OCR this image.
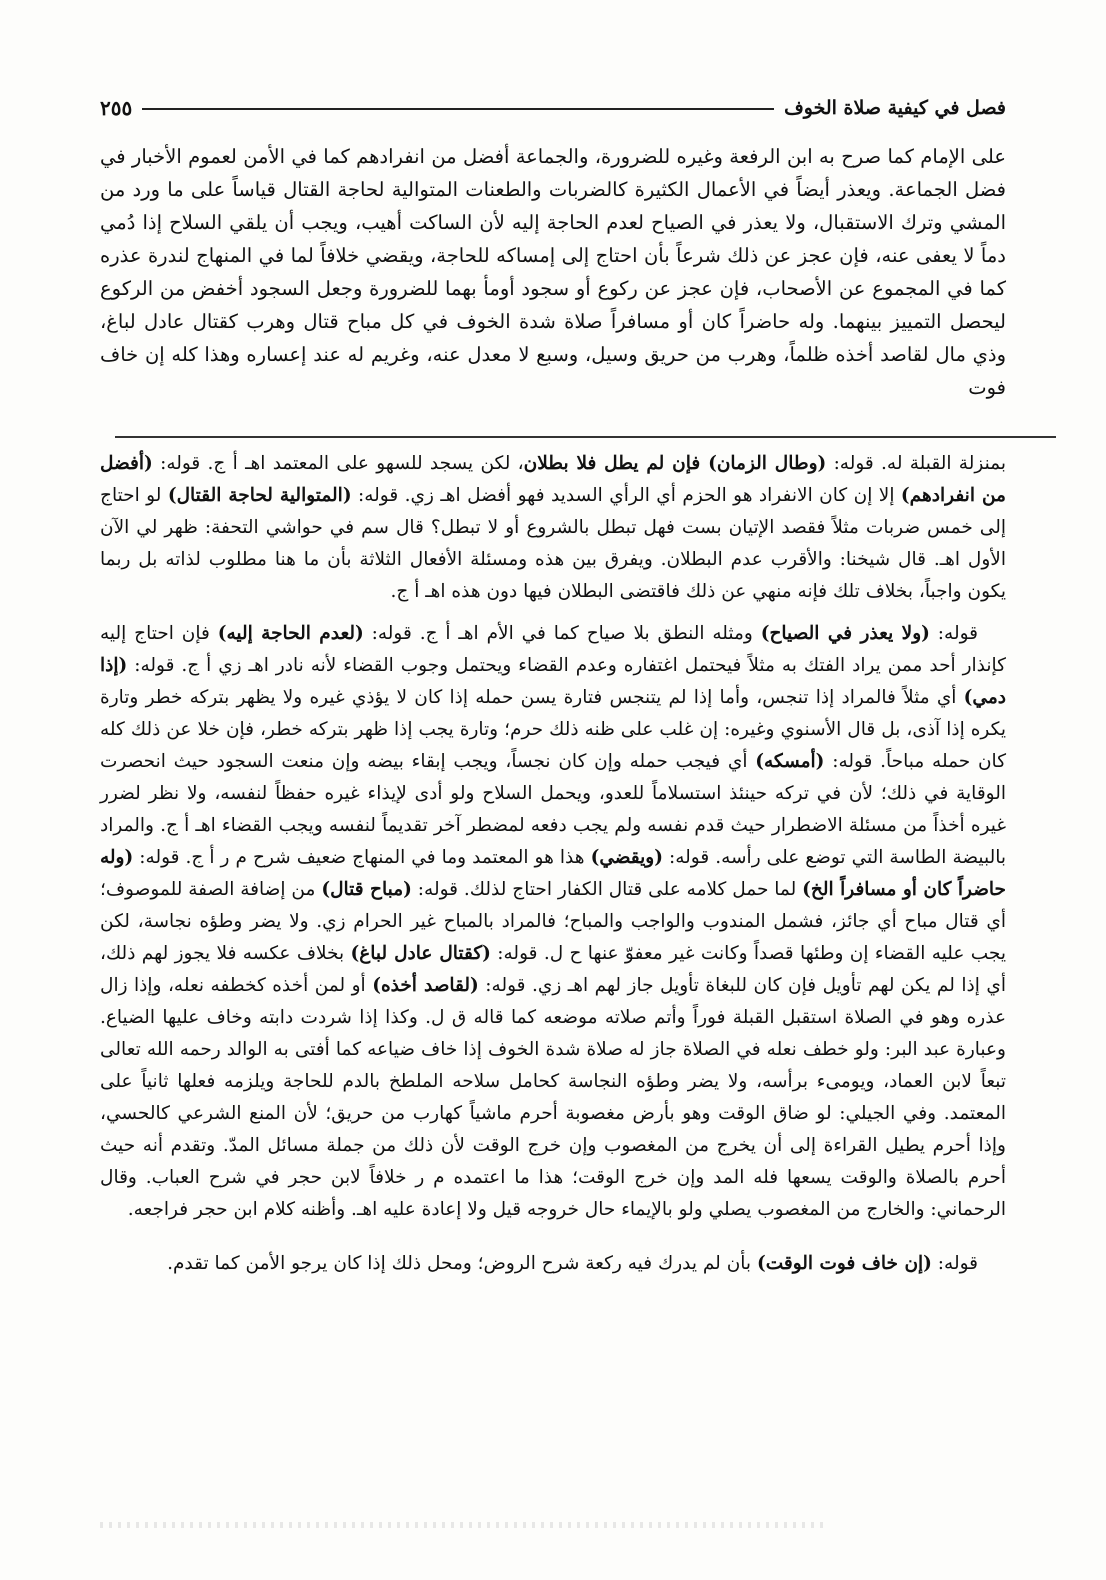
٢٥٥	فصل في كيفية صلاة الخوف

على الإمام كما صرح به ابن الرفعة وغيره للضرورة، والجماعة أفضل من انفرادهم كما في الأمن لعموم الأخبار في فضل الجماعة. ويعذر أيضاً في الأعمال الكثيرة كالضربات والطعنات المتوالية لحاجة القتال قياساً على ما ورد من المشي وترك الاستقبال، ولا يعذر في الصياح لعدم الحاجة إليه لأن الساكت أهيب، ويجب أن يلقي السلاح إذا دُمي دماً لا يعفى عنه، فإن عجز عن ذلك شرعاً بأن احتاج إلى إمساكه للحاجة، ويقضي خلافاً لما في المنهاج لندرة عذره كما في المجموع عن الأصحاب، فإن عجز عن ركوع أو سجود أومأ بهما للضرورة وجعل السجود أخفض من الركوع ليحصل التمييز بينهما. وله حاضراً كان أو مسافراً صلاة شدة الخوف في كل مباح قتال وهرب كقتال عادل لباغ، وذي مال لقاصد أخذه ظلماً، وهرب من حريق وسيل، وسبع لا معدل عنه، وغريم له عند إعساره وهذا كله إن خاف فوت

بمنزلة القبلة له. قوله: (وطال الزمان) فإن لم يطل فلا بطلان، لكن يسجد للسهو على المعتمد اهـ أ ج. قوله: (أفضل من انفرادهم) إلا إن كان الانفراد هو الحزم أي الرأي السديد فهو أفضل اهـ زي. قوله: (المتوالية لحاجة القتال) لو احتاج إلى خمس ضربات مثلاً فقصد الإتيان بست فهل تبطل بالشروع أو لا تبطل؟ قال سم في حواشي التحفة: ظهر لي الآن الأول اهـ. قال شيخنا: والأقرب عدم البطلان. ويفرق بين هذه ومسئلة الأفعال الثلاثة بأن ما هنا مطلوب لذاته بل ربما يكون واجباً، بخلاف تلك فإنه منهي عن ذلك فاقتضى البطلان فيها دون هذه اهـ أ ج.

قوله: (ولا يعذر في الصياح) ومثله النطق بلا صياح كما في الأم اهـ أ ج. قوله: (لعدم الحاجة إليه) فإن احتاج إليه كإنذار أحد ممن يراد الفتك به مثلاً فيحتمل اغتفاره وعدم القضاء ويحتمل وجوب القضاء لأنه نادر اهـ زي أ ج. قوله: (إذا دمي) أي مثلاً فالمراد إذا تنجس، وأما إذا لم يتنجس فتارة يسن حمله إذا كان لا يؤذي غيره ولا يظهر بتركه خطر وتارة يكره إذا آذى، بل قال الأسنوي وغيره: إن غلب على ظنه ذلك حرم؛ وتارة يجب إذا ظهر بتركه خطر، فإن خلا عن ذلك كله كان حمله مباحاً. قوله: (أمسكه) أي فيجب حمله وإن كان نجساً، ويجب إبقاء بيضه وإن منعت السجود حيث انحصرت الوقاية في ذلك؛ لأن في تركه حينئذ استسلاماً للعدو، ويحمل السلاح ولو أدى لإيذاء غيره حفظاً لنفسه، ولا نظر لضرر غيره أخذاً من مسئلة الاضطرار حيث قدم نفسه ولم يجب دفعه لمضطر آخر تقديماً لنفسه ويجب القضاء اهـ أ ج. والمراد بالبيضة الطاسة التي توضع على رأسه. قوله: (ويقضي) هذا هو المعتمد وما في المنهاج ضعيف شرح م ر أ ج. قوله: (وله حاضراً كان أو مسافراً الخ) لما حمل كلامه على قتال الكفار احتاج لذلك. قوله: (مباح قتال) من إضافة الصفة للموصوف؛ أي قتال مباح أي جائز، فشمل المندوب والواجب والمباح؛ فالمراد بالمباح غير الحرام زي. ولا يضر وطؤه نجاسة، لكن يجب عليه القضاء إن وطئها قصداً وكانت غير معفوّ عنها ح ل. قوله: (كقتال عادل لباغ) بخلاف عكسه فلا يجوز لهم ذلك، أي إذا لم يكن لهم تأويل فإن كان للبغاة تأويل جاز لهم اهـ زي. قوله: (لقاصد أخذه) أو لمن أخذه كخطفه نعله، وإذا زال عذره وهو في الصلاة استقبل القبلة فوراً وأتم صلاته موضعه كما قاله ق ل. وكذا إذا شردت دابته وخاف عليها الضياع. وعبارة عبد البر: ولو خطف نعله في الصلاة جاز له صلاة شدة الخوف إذا خاف ضياعه كما أفتى به الوالد رحمه الله تعالى تبعاً لابن العماد، ويومىء برأسه، ولا يضر وطؤه النجاسة كحامل سلاحه الملطخ بالدم للحاجة ويلزمه فعلها ثانياً على المعتمد. وفي الجيلي: لو ضاق الوقت وهو بأرض مغصوبة أحرم ماشياً كهارب من حريق؛ لأن المنع الشرعي كالحسي، وإذا أحرم يطيل القراءة إلى أن يخرج من المغصوب وإن خرج الوقت لأن ذلك من جملة مسائل المدّ. وتقدم أنه حيث أحرم بالصلاة والوقت يسعها فله المد وإن خرج الوقت؛ هذا ما اعتمده م ر خلافاً لابن حجر في شرح العباب. وقال الرحماني: والخارج من المغصوب يصلي ولو بالإيماء حال خروجه قيل ولا إعادة عليه اهـ. وأظنه كلام ابن حجر فراجعه.

قوله: (إن خاف فوت الوقت) بأن لم يدرك فيه ركعة شرح الروض؛ ومحل ذلك إذا كان يرجو الأمن كما تقدم.
